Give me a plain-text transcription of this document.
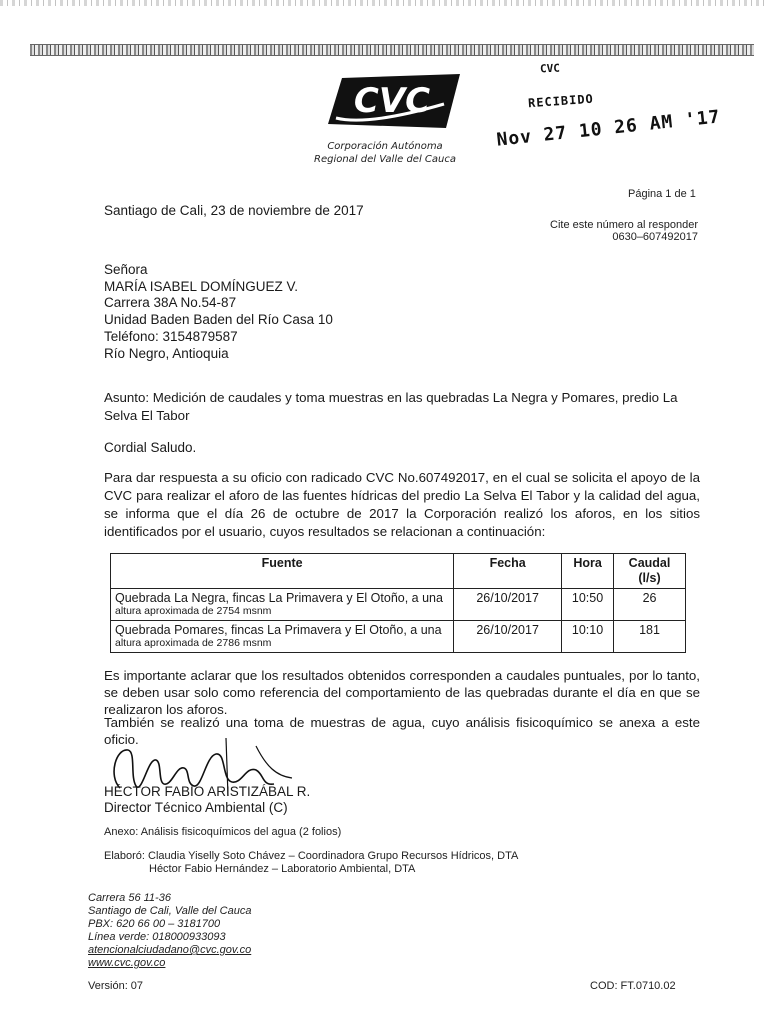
CVC
Corporación Autónoma
Regional del Valle del Cauca
CVC
RECIBIDO
Nov 27 10 26 AM '17
Página 1 de 1
Santiago de Cali, 23 de noviembre de 2017
Cite este número al responder
0630–607492017
Señora
MARÍA ISABEL DOMÍNGUEZ V.
Carrera 38A No.54-87
Unidad Baden Baden del Río Casa 10
Teléfono: 3154879587
Río Negro, Antioquia
Asunto: Medición de caudales y toma muestras en las quebradas La Negra y Pomares, predio La Selva El Tabor
Cordial Saludo.
Para dar respuesta a su oficio con radicado CVC No.607492017, en el cual se solicita el apoyo de la CVC para realizar el aforo de las fuentes hídricas del predio La Selva El Tabor y la calidad del agua, se informa que el día 26 de octubre de 2017 la Corporación realizó los aforos, en los sitios identificados por el usuario, cuyos resultados se relacionan a continuación:
Fuente	Fecha	Hora	Caudal (l/s)

Quebrada La Negra, fincas La Primavera y El Otoño, a una
altura aproximada de 2754 msnm	26/10/2017	10:50	26

Quebrada Pomares, fincas La Primavera y El Otoño, a una
altura aproximada de 2786 msnm	26/10/2017	10:10	181
Es importante aclarar que los resultados obtenidos corresponden a caudales puntuales, por lo tanto, se deben usar solo como referencia del comportamiento de las quebradas durante el día en que se realizaron los aforos.
También se realizó una toma de muestras de agua, cuyo análisis fisicoquímico se anexa a este oficio.
HÉCTOR FABIO ARISTIZÁBAL R.
Director Técnico Ambiental (C)
Anexo: Análisis fisicoquímicos del agua (2 folios)
Elaboró: Claudia Yiselly Soto Chávez – Coordinadora Grupo Recursos Hídricos, DTA
Héctor Fabio Hernández – Laboratorio Ambiental, DTA
Carrera 56 11-36
Santiago de Cali, Valle del Cauca
PBX: 620 66 00 – 3181700
Línea verde: 018000933093
atencionalciudadano@cvc.gov.co
www.cvc.gov.co
Versión: 07	COD: FT.0710.02
